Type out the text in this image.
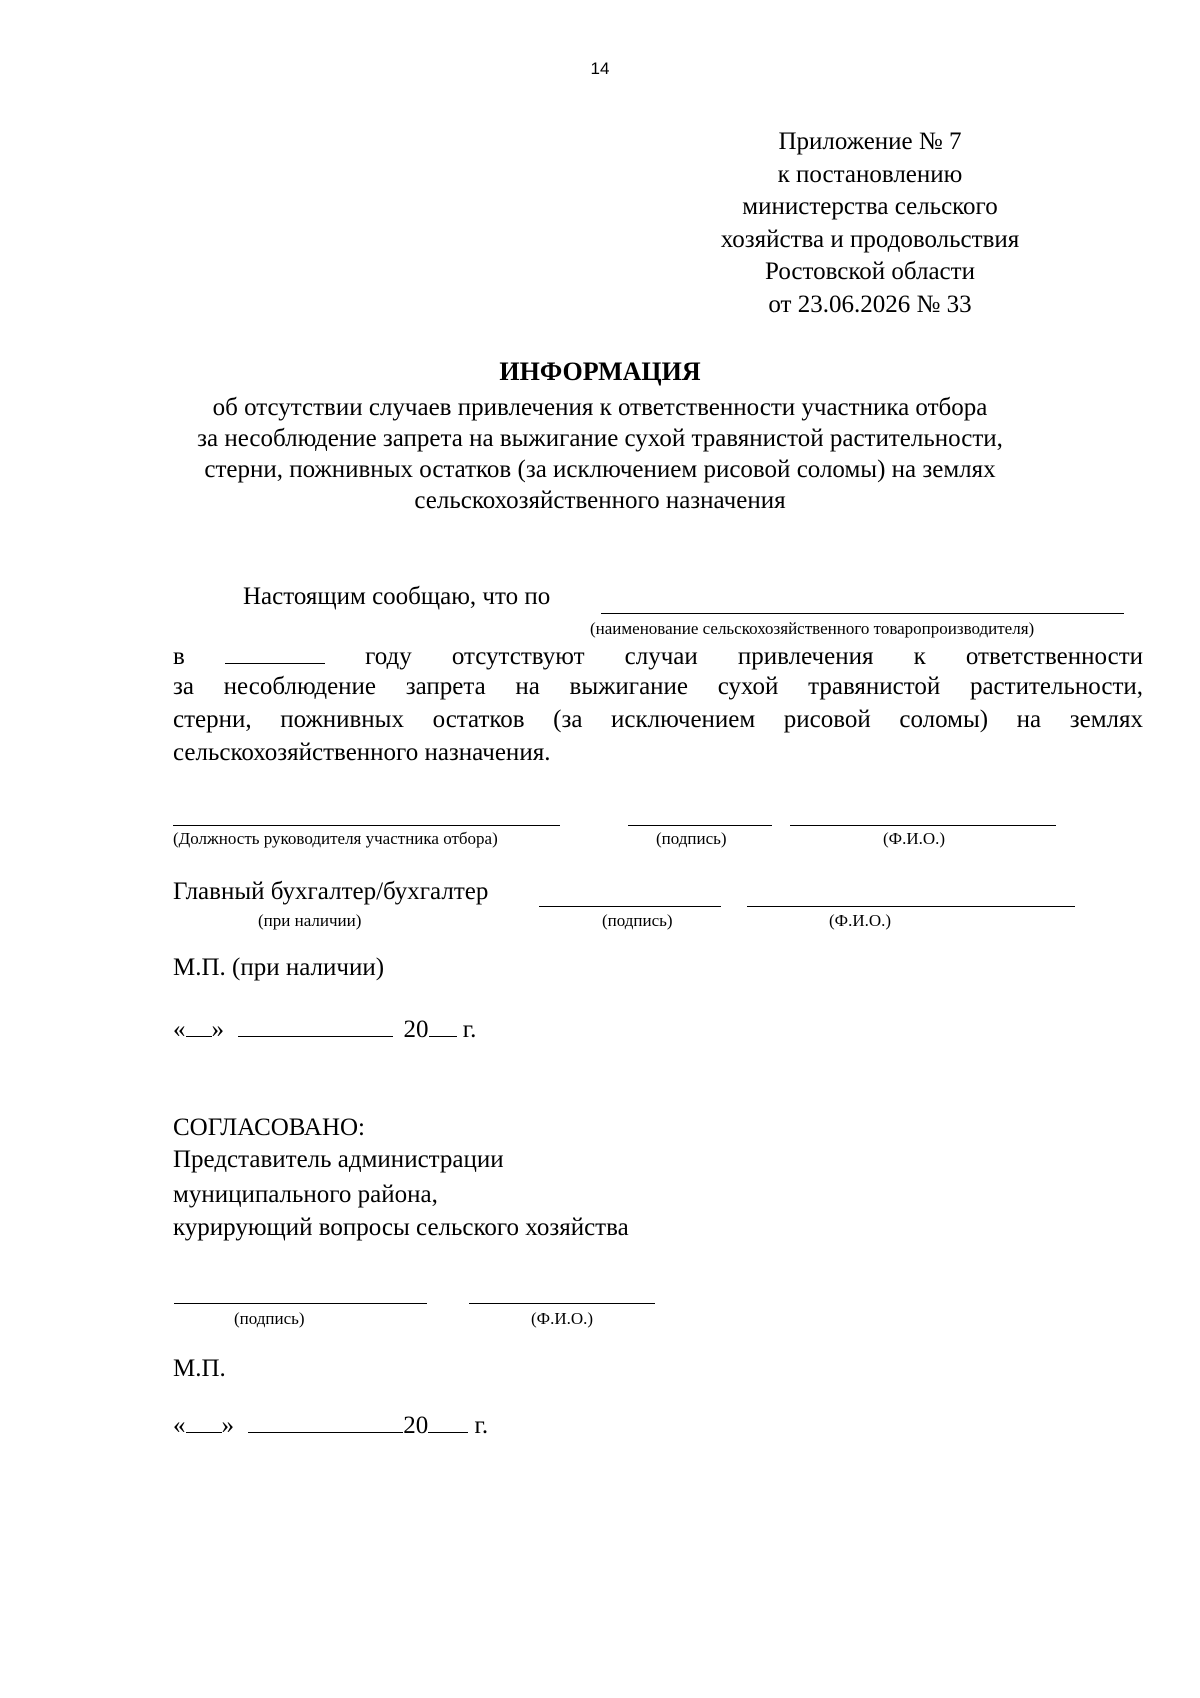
14
Приложение № 7
к постановлению
министерства сельского
хозяйства и продовольствия
Ростовской области
от 23.06.2026 № 33
ИНФОРМАЦИЯ
об отсутствии случаев привлечения к ответственности участника отбора
за несоблюдение запрета на выжигание сухой травянистой растительности,
стерни, пожнивных остатков (за исключением рисовой соломы) на землях
сельскохозяйственного назначения
Настоящим сообщаю, что по
(наименование сельскохозяйственного товаропроизводителя)
в	году отсутствуют случаи привлечения к ответственности
за несоблюдение запрета на выжигание сухой травянистой растительности,
стерни, пожнивных остатков (за исключением рисовой соломы) на землях
сельскохозяйственного назначения.
(Должность руководителя участника отбора)	(подпись)	(Ф.И.О.)
Главный бухгалтер/бухгалтер
(при наличии)	(подпись)	(Ф.И.О.)
М.П. (при наличии)
« »	20 г.
СОГЛАСОВАНО:
Представитель администрации
муниципального района,
курирующий вопросы сельского хозяйства
(подпись)	(Ф.И.О.)
М.П.
« »	20 г.
